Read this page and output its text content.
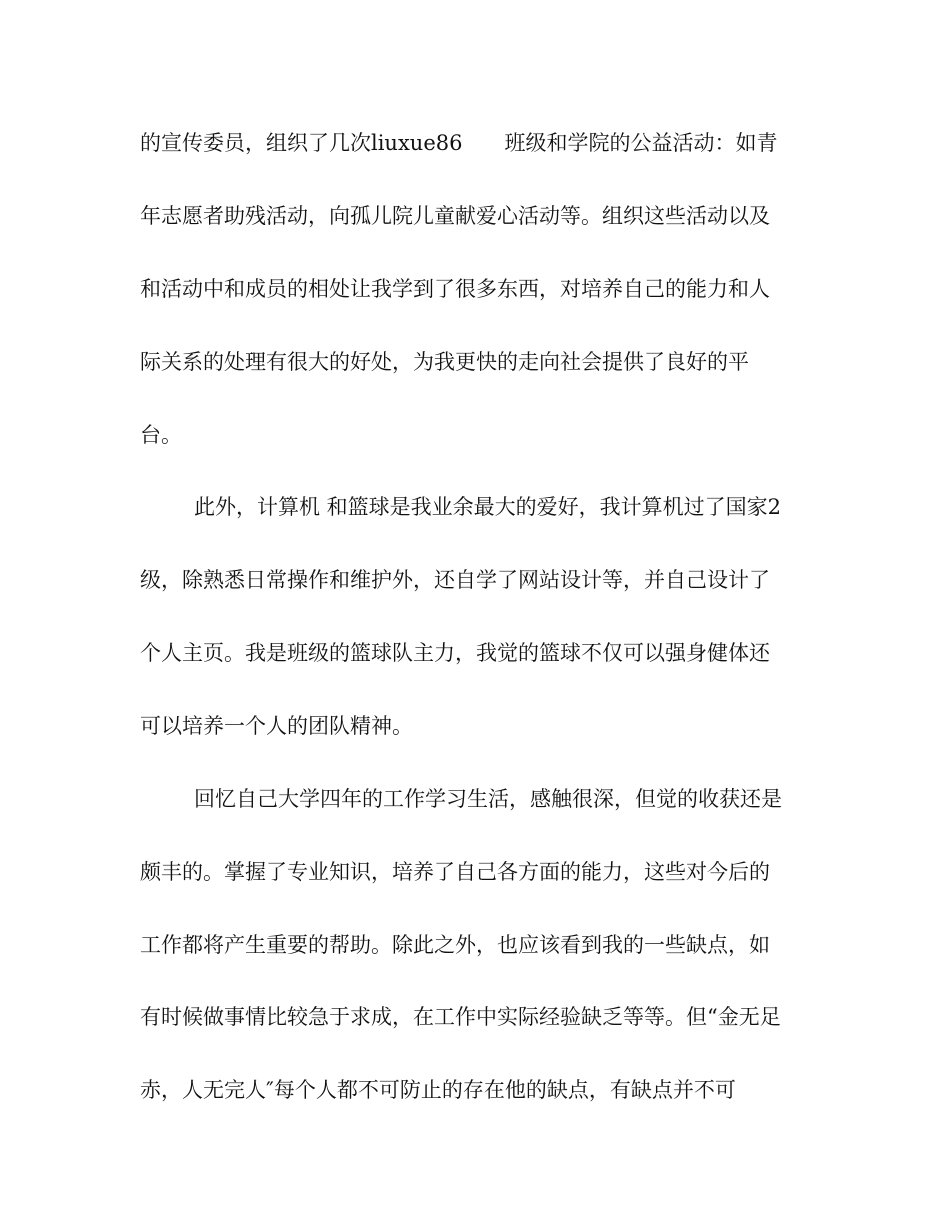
的宣传委员，组织了几次liuxue86　　班级和学院的公益活动：如青
年志愿者助残活动，向孤儿院儿童献爱心活动等。组织这些活动以及
和活动中和成员的相处让我学到了很多东西，对培养自己的能力和人
际关系的处理有很大的好处，为我更快的走向社会提供了良好的平
台。
此外，计算机 和篮球是我业余最大的爱好，我计算机过了国家2
级，除熟悉日常操作和维护外，还自学了网站设计等，并自己设计了
个人主页。我是班级的篮球队主力，我觉的篮球不仅可以强身健体还
可以培养一个人的团队精神。
回忆自己大学四年的工作学习生活，感触很深，但觉的收获还是
颇丰的。掌握了专业知识，培养了自己各方面的能力，这些对今后的
工作都将产生重要的帮助。除此之外，也应该看到我的一些缺点，如
有时候做事情比较急于求成，在工作中实际经验缺乏等等。但“金无足
赤，人无完人″每个人都不可防止的存在他的缺点，有缺点并不可
